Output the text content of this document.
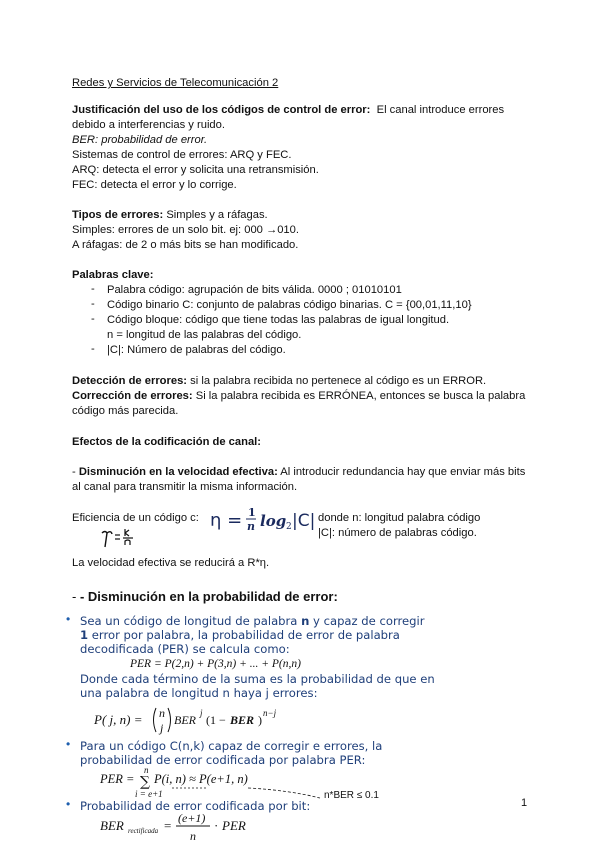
Redes y Servicios de Telecomunicación 2
Justificación del uso de los códigos de control de error: El canal introduce errores
debido a interferencias y ruido.
BER: probabilidad de error.
Sistemas de control de errores: ARQ y FEC.
ARQ: detecta el error y solicita una retransmisión.
FEC: detecta el error y lo corrige.
Tipos de errores: Simples y a ráfagas.
Simples: errores de un solo bit. ej: 000 →010.
A ráfagas: de 2 o más bits se han modificado.
Palabras clave:
- Palabra código: agrupación de bits válida. 0000 ; 01010101
- Código binario C: conjunto de palabras código binarias. C = {00,01,11,10}
- Código bloque: código que tiene todas las palabras de igual longitud.
n = longitud de las palabras del código.
- |C|: Número de palabras del código.
Detección de errores: si la palabra recibida no pertenece al código es un ERROR.
Corrección de errores: Si la palabra recibida es ERRÓNEA, entonces se busca la palabra
código más parecida.
Efectos de la codificación de canal:
- Disminución en la velocidad efectiva: Al introducir redundancia hay que enviar más bits
al canal para transmitir la misma información.
Eficiencia de un código c: η = 1
n log 2 |C| donde n: longitud palabra código
|C|: número de palabras código.
La velocidad efectiva se reducirá a R*η.
- - Disminución en la probabilidad de error:
• Sea un código de longitud de palabra n y capaz de corregir
1 error por palabra, la probabilidad de error de palabra
decodificada (PER) se calcula como:
PER = P(2,n) + P(3,n) + ... + P(n,n)
Donde cada término de la suma es la probabilidad de que en
una palabra de longitud n haya j errores:
P( j, n) = n
j
BER j (1 − BER ) n−j
• Para un código C(n,k) capaz de corregir e errores, la
probabilidad de error codificada por palabra PER:
PER =
n
∑
i = e+1
P(i, n) ≈ P(e+1, n)
n*BER ≤ 0.1
• Probabilidad de error codificada por bit:
BER rectificada = (e+1)
n
· PER
1
